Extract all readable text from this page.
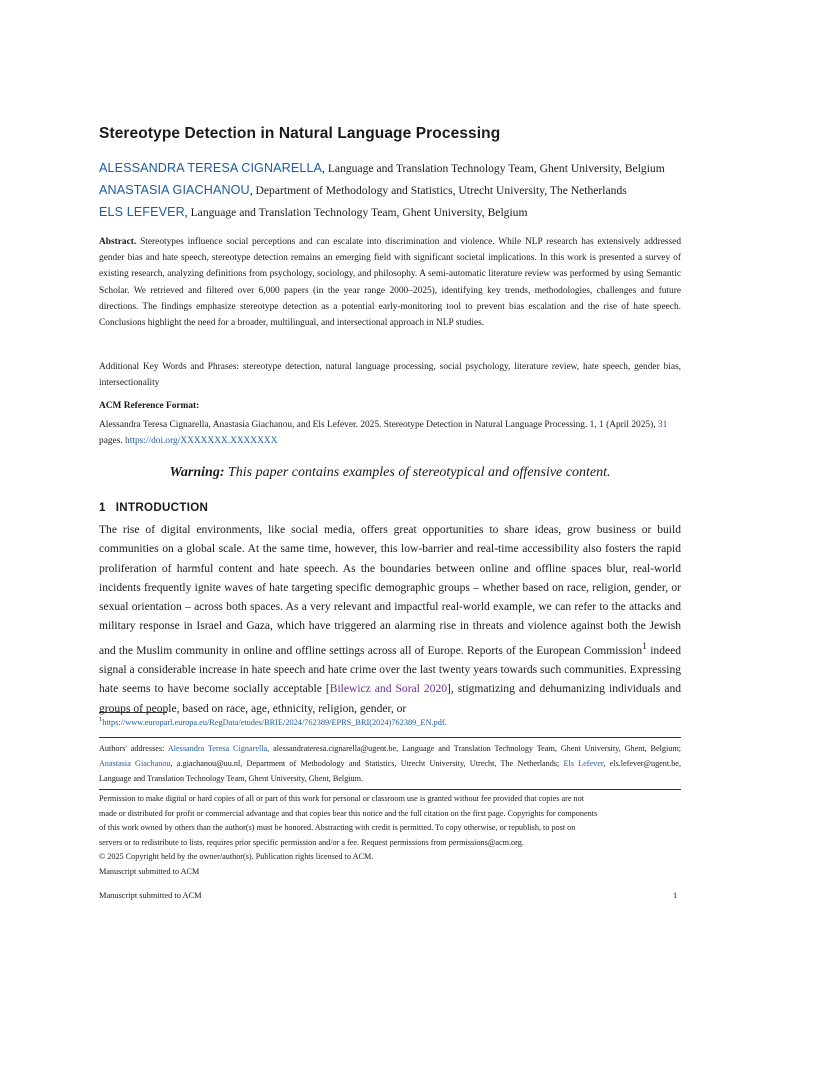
Stereotype Detection in Natural Language Processing
ALESSANDRA TERESA CIGNARELLA, Language and Translation Technology Team, Ghent University, Belgium
ANASTASIA GIACHANOU, Department of Methodology and Statistics, Utrecht University, The Netherlands
ELS LEFEVER, Language and Translation Technology Team, Ghent University, Belgium
Abstract. Stereotypes influence social perceptions and can escalate into discrimination and violence. While NLP research has extensively addressed gender bias and hate speech, stereotype detection remains an emerging field with significant societal implications. In this work is presented a survey of existing research, analyzing definitions from psychology, sociology, and philosophy. A semi-automatic literature review was performed by using Semantic Scholar. We retrieved and filtered over 6,000 papers (in the year range 2000–2025), identifying key trends, methodologies, challenges and future directions. The findings emphasize stereotype detection as a potential early-monitoring tool to prevent bias escalation and the rise of hate speech. Conclusions highlight the need for a broader, multilingual, and intersectional approach in NLP studies.
Additional Key Words and Phrases: stereotype detection, natural language processing, social psychology, literature review, hate speech, gender bias, intersectionality
ACM Reference Format:
Alessandra Teresa Cignarella, Anastasia Giachanou, and Els Lefever. 2025. Stereotype Detection in Natural Language Processing. 1, 1 (April 2025), 31 pages. https://doi.org/XXXXXXX.XXXXXXX
Warning: This paper contains examples of stereotypical and offensive content.
1 INTRODUCTION
The rise of digital environments, like social media, offers great opportunities to share ideas, grow business or build communities on a global scale. At the same time, however, this low-barrier and real-time accessibility also fosters the rapid proliferation of harmful content and hate speech. As the boundaries between online and offline spaces blur, real-world incidents frequently ignite waves of hate targeting specific demographic groups – whether based on race, religion, gender, or sexual orientation – across both spaces. As a very relevant and impactful real-world example, we can refer to the attacks and military response in Israel and Gaza, which have triggered an alarming rise in threats and violence against both the Jewish and the Muslim community in online and offline settings across all of Europe. Reports of the European Commission$^1$ indeed signal a considerable increase in hate speech and hate crime over the last twenty years towards such communities. Expressing hate seems to have become socially acceptable [Bilewicz and Soral 2020], stigmatizing and dehumanizing individuals and groups of people, based on race, age, ethnicity, religion, gender, or
$^1$https://www.europarl.europa.eu/RegData/etudes/BRIE/2024/762389/EPRS_BRI(2024)762389_EN.pdf.
Authors' addresses: Alessandra Teresa Cignarella, alessandrateresa.cignarella@ugent.be, Language and Translation Technology Team, Ghent University, Ghent, Belgium; Anastasia Giachanou, a.giachanou@uu.nl, Department of Methodology and Statistics, Utrecht University, Utrecht, The Netherlands; Els Lefever, els.lefever@ugent.be, Language and Translation Technology Team, Ghent University, Ghent, Belgium.
Permission to make digital or hard copies of all or part of this work for personal or classroom use is granted without fee provided that copies are not
made or distributed for profit or commercial advantage and that copies bear this notice and the full citation on the first page. Copyrights for components
of this work owned by others than the author(s) must be honored. Abstracting with credit is permitted. To copy otherwise, or republish, to post on
servers or to redistribute to lists, requires prior specific permission and/or a fee. Request permissions from permissions@acm.org.
© 2025 Copyright held by the owner/author(s). Publication rights licensed to ACM.
Manuscript submitted to ACM
Manuscript submitted to ACM	1
